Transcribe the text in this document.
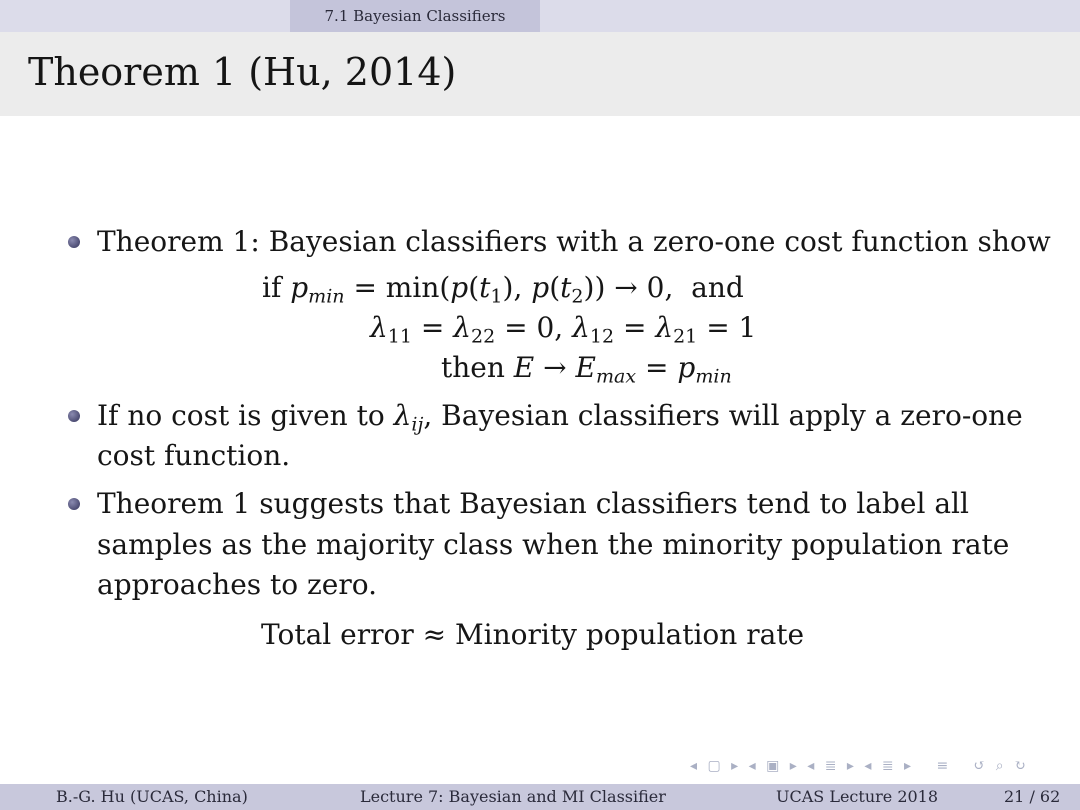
7.1 Bayesian Classifiers
Theorem 1 (Hu, 2014)
Theorem 1: Bayesian classifiers with a zero-one cost function show
if $p_{min} = \min(p(t_1)$, $p(t_2)) \to 0$,  and
$\lambda_{11} = \lambda_{22} = 0$, $\lambda_{12} = \lambda_{21} = 1$
then $E \to E_{max} = p_{min}$
If no cost is given to $\lambda_{ij}$, Bayesian classifiers will apply a zero-one
cost function.
Theorem 1 suggests that Bayesian classifiers tend to label all
samples as the majority class when the minority population rate
approaches to zero.
Total error ≈ Minority population rate
◂ ▢ ▸ ◂ ▣ ▸ ◂ ≣ ▸ ◂ ≣ ▸   ≡   ↺ ⌕ ↻
B.-G. Hu (UCAS, China)	Lecture 7: Bayesian and MI Classifier	UCAS Lecture 2018	21 / 62
